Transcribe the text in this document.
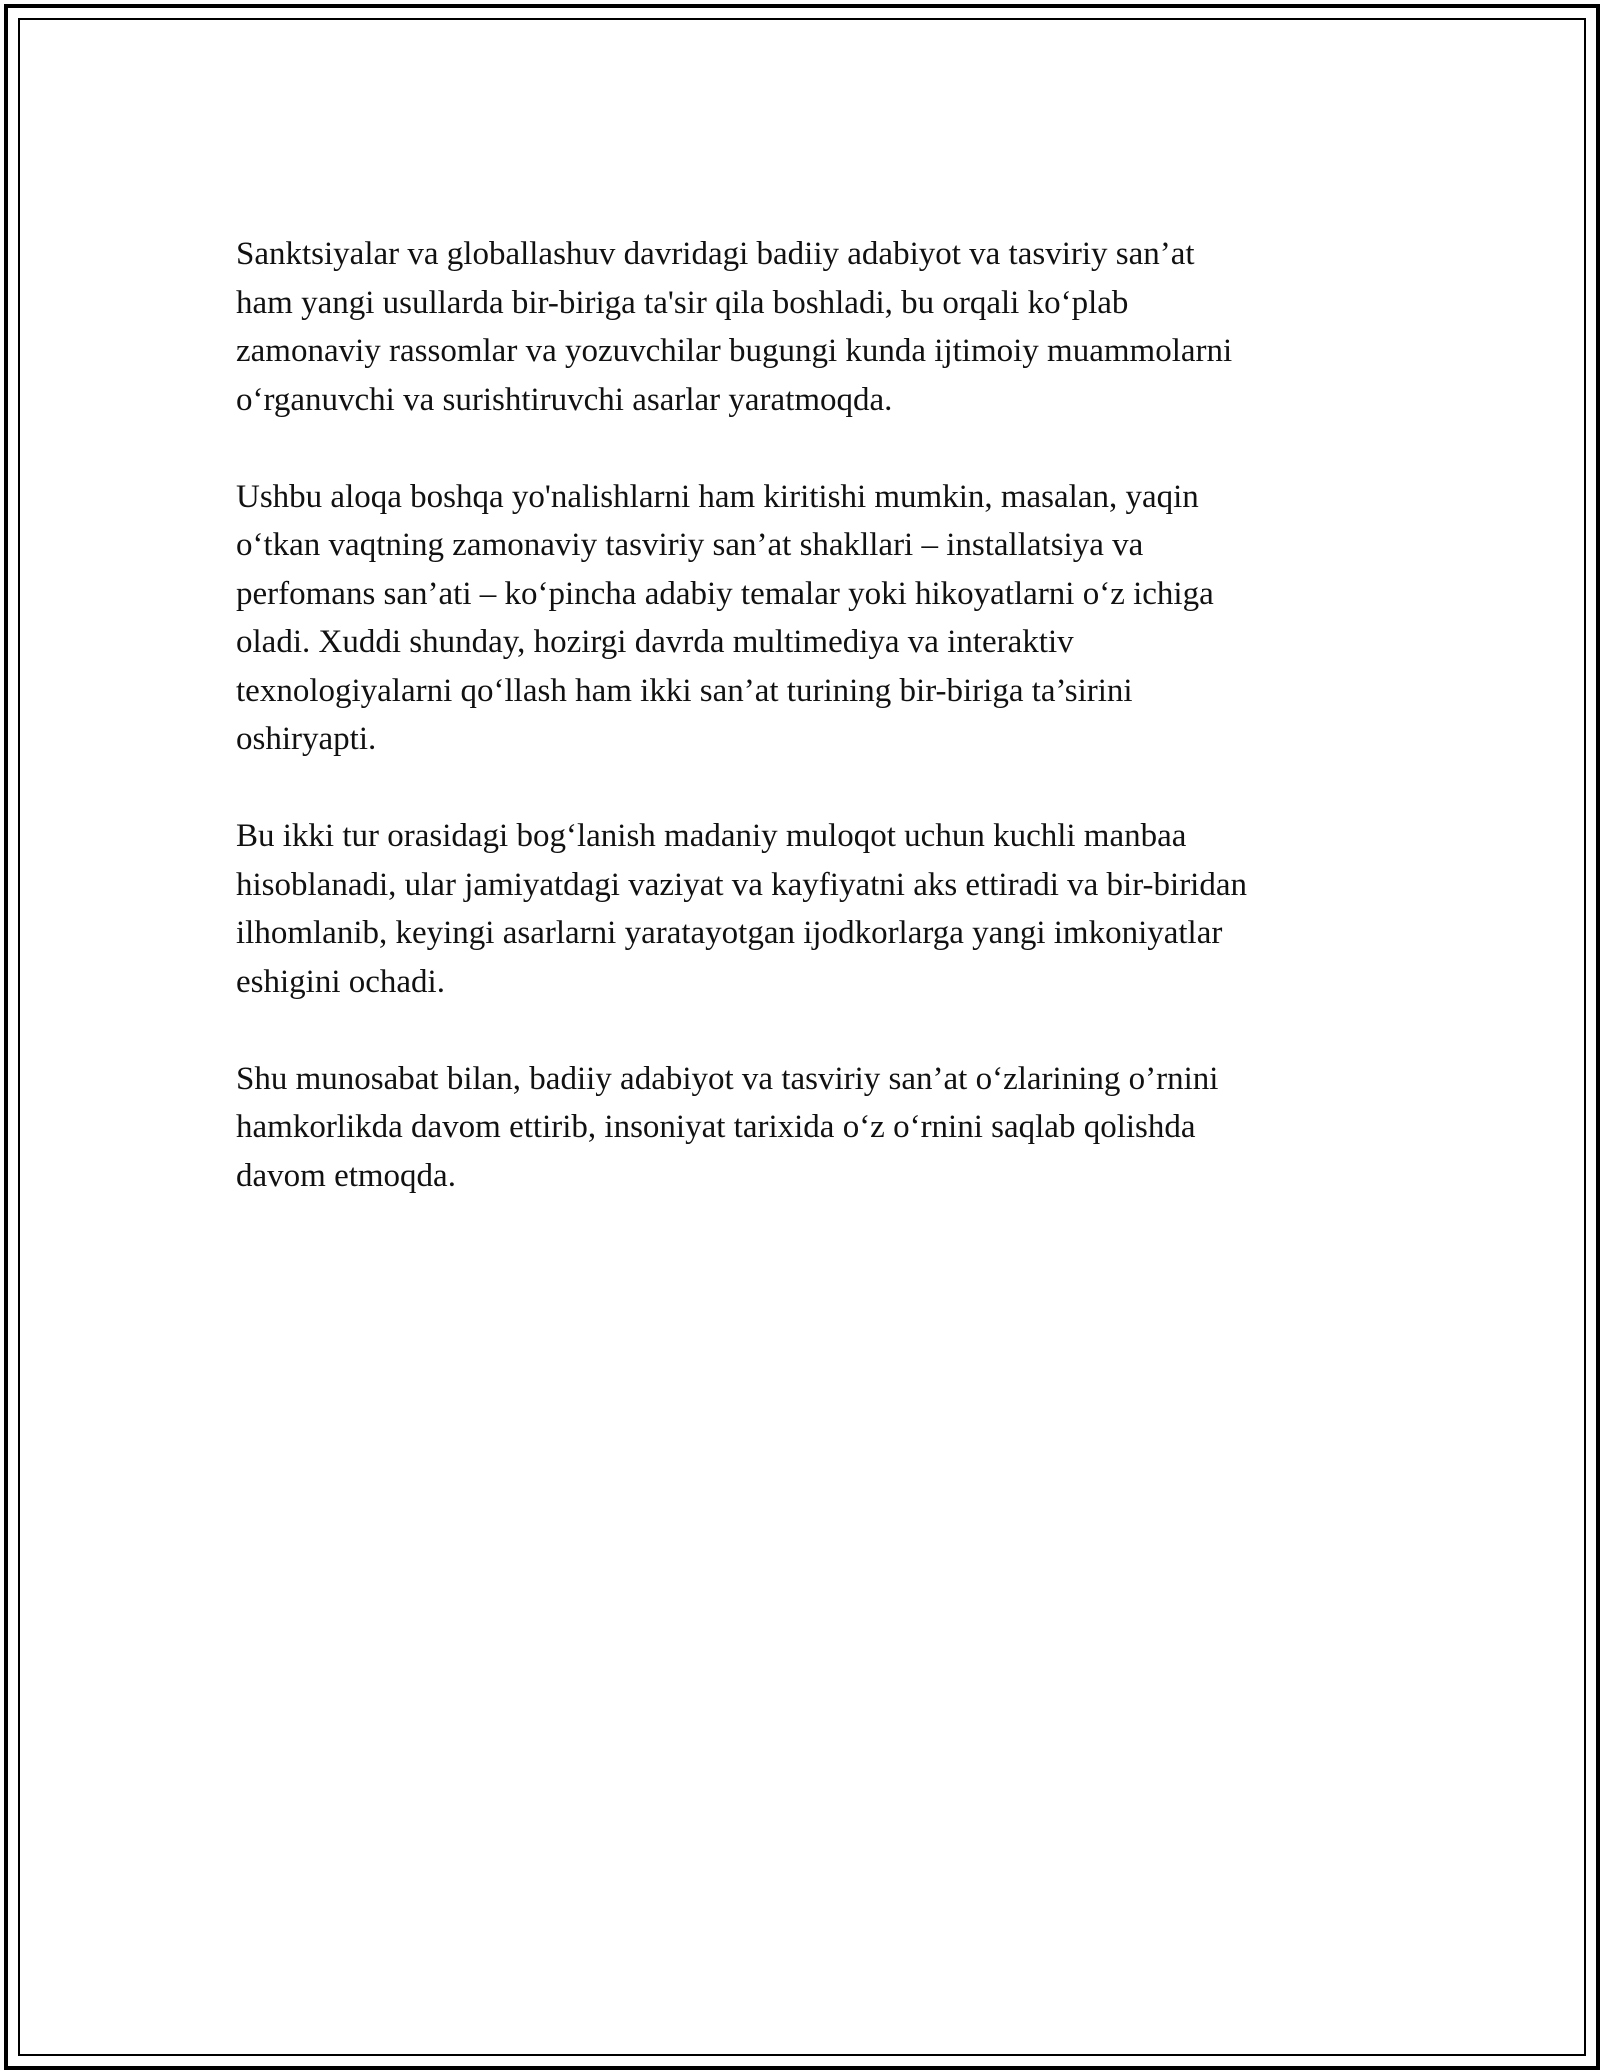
Sanktsiyalar va globallashuv davridagi badiiy adabiyot va tasviriy san’at
ham yangi usullarda bir-biriga ta'sir qila boshladi, bu orqali ko‘plab
zamonaviy rassomlar va yozuvchilar bugungi kunda ijtimoiy muammolarni
o‘rganuvchi va surishtiruvchi asarlar yaratmoqda.

Ushbu aloqa boshqa yo'nalishlarni ham kiritishi mumkin, masalan, yaqin
o‘tkan vaqtning zamonaviy tasviriy san’at shakllari – installatsiya va
perfomans san’ati – ko‘pincha adabiy temalar yoki hikoyatlarni o‘z ichiga
oladi. Xuddi shunday, hozirgi davrda multimediya va interaktiv
texnologiyalarni qo‘llash ham ikki san’at turining bir-biriga ta’sirini
oshiryapti.

Bu ikki tur orasidagi bog‘lanish madaniy muloqot uchun kuchli manbaa
hisoblanadi, ular jamiyatdagi vaziyat va kayfiyatni aks ettiradi va bir-biridan
ilhomlanib, keyingi asarlarni yaratayotgan ijodkorlarga yangi imkoniyatlar
eshigini ochadi.

Shu munosabat bilan, badiiy adabiyot va tasviriy san’at o‘zlarining o’rnini
hamkorlikda davom ettirib, insoniyat tarixida o‘z o‘rnini saqlab qolishda
davom etmoqda.
